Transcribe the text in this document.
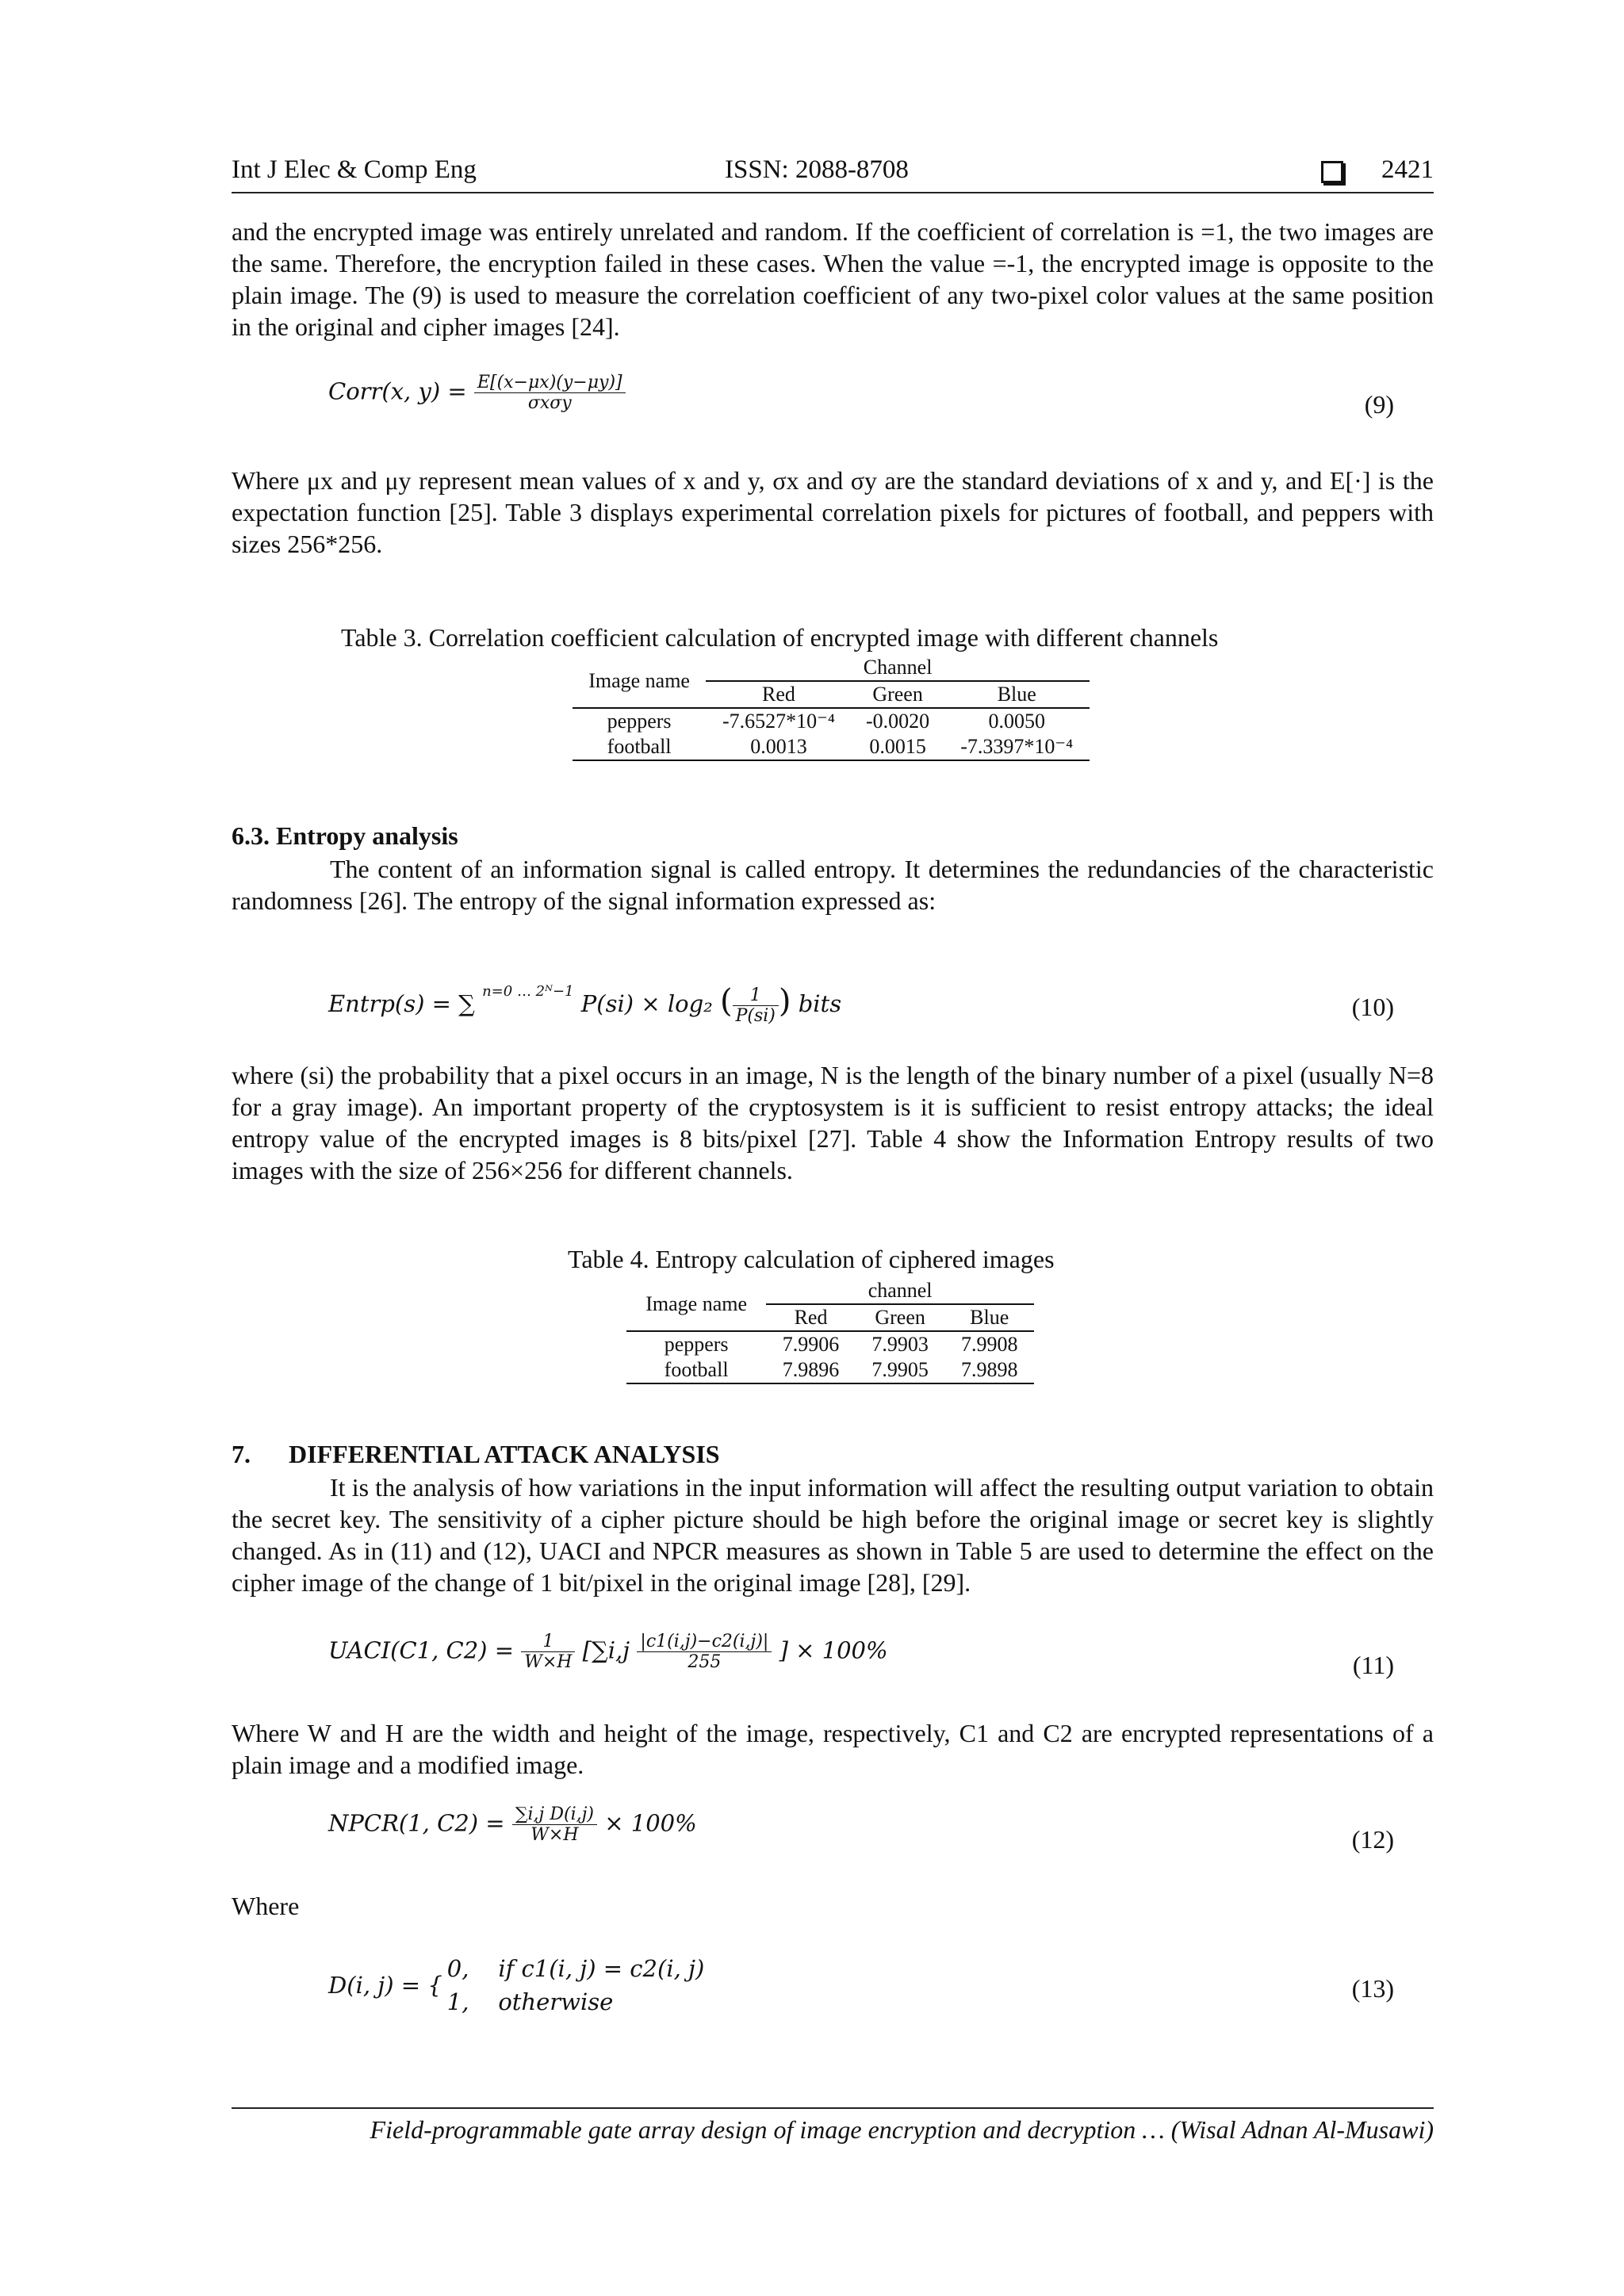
Int J Elec & Comp Eng	ISSN: 2088-8708	2421

and the encrypted image was entirely unrelated and random. If the coefficient of correlation is =1, the two images are the same. Therefore, the encryption failed in these cases. When the value =-1, the encrypted image is opposite to the plain image. The (9) is used to measure the correlation coefficient of any two-pixel color values at the same position in the original and cipher images [24].

Corr(x, $y) = \frac{E[(x-\mu x)(y-\mu y)]}{\text{σxσy}}$	(9)

Where μx and μy represent mean values of x and y, σx and σy are the standard deviations of x and y, and E[·] is the expectation function [25]. Table 3 displays experimental correlation pixels for pictures of football, and peppers with sizes 256*256.

Table 3. Correlation coefficient calculation of encrypted image with different channels
Image name	Channel		
	Red	Green	Blue
peppers	-7.6527*10⁻⁴	-0.0020	0.0050
football	0.0013	0.0015	-7.3397*10⁻⁴
6.3. Entropy analysis

The content of an information signal is called entropy. It determines the redundancies of the characteristic randomness [26]. The entropy of the signal information expressed as:

Entrp(s) = ∑ $^{n=0 \dots 2ᴺ-1}$ P(si) × log₂ ( $\frac{1}{P(si)}$ ) bits	(10)

where (si) the probability that a pixel occurs in an image, N is the length of the binary number of a pixel (usually N=8 for a gray image). An important property of the cryptosystem is it is sufficient to resist entropy attacks; the ideal entropy value of the encrypted images is 8 bits/pixel [27]. Table 4 show the Information Entropy results of two images with the size of 256×256 for different channels.

Table 4. Entropy calculation of ciphered images
Image name	channel		
	Red	Green	Blue
peppers	7.9906	7.9903	7.9908
football	7.9896	7.9905	7.9898
7.      DIFFERENTIAL ATTACK ANALYSIS

It is the analysis of how variations in the input information will affect the resulting output variation to obtain the secret key. The sensitivity of a cipher picture should be high before the original image or secret key is slightly changed. As in (11) and (12), UACI and NPCR measures as shown in Table 5 are used to determine the effect on the cipher image of the change of 1 bit/pixel in the original image [28], [29].

UACI(C1, $C2) = \frac{1}{W\times H} [\sum i,j \frac{|c1(i,j)-c2(i,j)|}{255}$ ] × 100%
(11)

Where W and H are the width and height of the image, respectively, C1 and C2 are encrypted representations of a plain image and a modified image.

NPCR(1, $C2) = \frac{\text{∑i,j D(i,j)}}{W\times H} \times 100\%$
(12)

Where

D(i, j) = {
0,    if c1(i, j) = c2(i, j)
1,    otherwise	(13)
Field-programmable gate array design of image encryption and decryption … (Wisal Adnan Al-Musawi)
